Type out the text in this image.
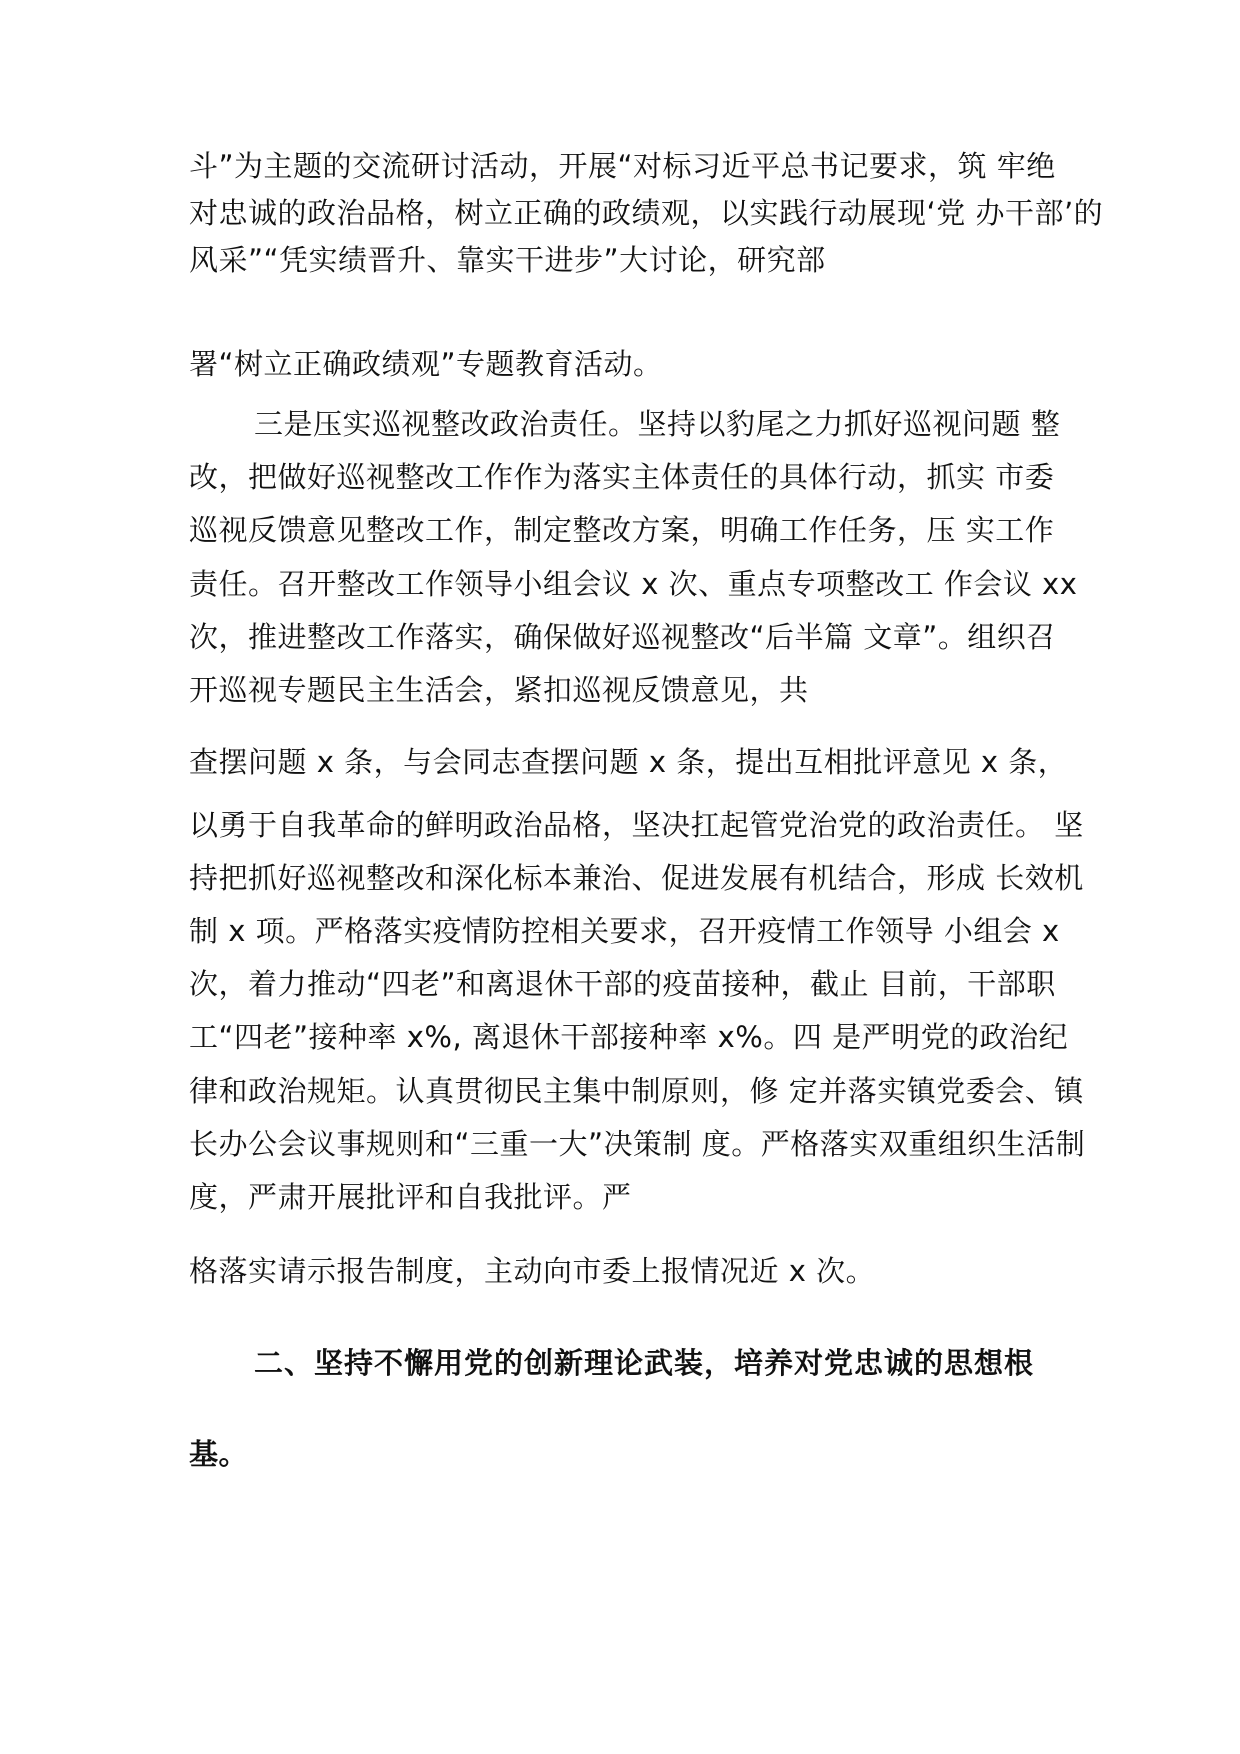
斗”为主题的交流研讨活动，开展“对标习近平总书记要求，筑 牢绝
对忠诚的政治品格，树立正确的政绩观，以实践行动展现‘党 办干部’的
风采”“凭实绩晋升、靠实干进步”大讨论，研究部
署“树立正确政绩观”专题教育活动。
三是压实巡视整改政治责任。坚持以豹尾之力抓好巡视问题 整
改，把做好巡视整改工作作为落实主体责任的具体行动，抓实 市委
巡视反馈意见整改工作，制定整改方案，明确工作任务，压 实工作
责任。召开整改工作领导小组会议 x 次、重点专项整改工 作会议 xx
次，推进整改工作落实，确保做好巡视整改“后半篇 文章”。组织召
开巡视专题民主生活会，紧扣巡视反馈意见，共
查摆问题 x 条，与会同志查摆问题 x 条，提出互相批评意见 x 条，
以勇于自我革命的鲜明政治品格，坚决扛起管党治党的政治责任。 坚
持把抓好巡视整改和深化标本兼治、促进发展有机结合，形成 长效机
制 x 项。严格落实疫情防控相关要求，召开疫情工作领导 小组会 x
次，着力推动“四老”和离退休干部的疫苗接种，截止 目前，干部职
工“四老”接种率 x%, 离退休干部接种率 x%。四 是严明党的政治纪
律和政治规矩。认真贯彻民主集中制原则，修 定并落实镇党委会、镇
长办公会议事规则和“三重一大”决策制 度。严格落实双重组织生活制
度，严肃开展批评和自我批评。严
格落实请示报告制度，主动向市委上报情况近 x 次。
二、坚持不懈用党的创新理论武装，培养对党忠诚的思想根
基。
